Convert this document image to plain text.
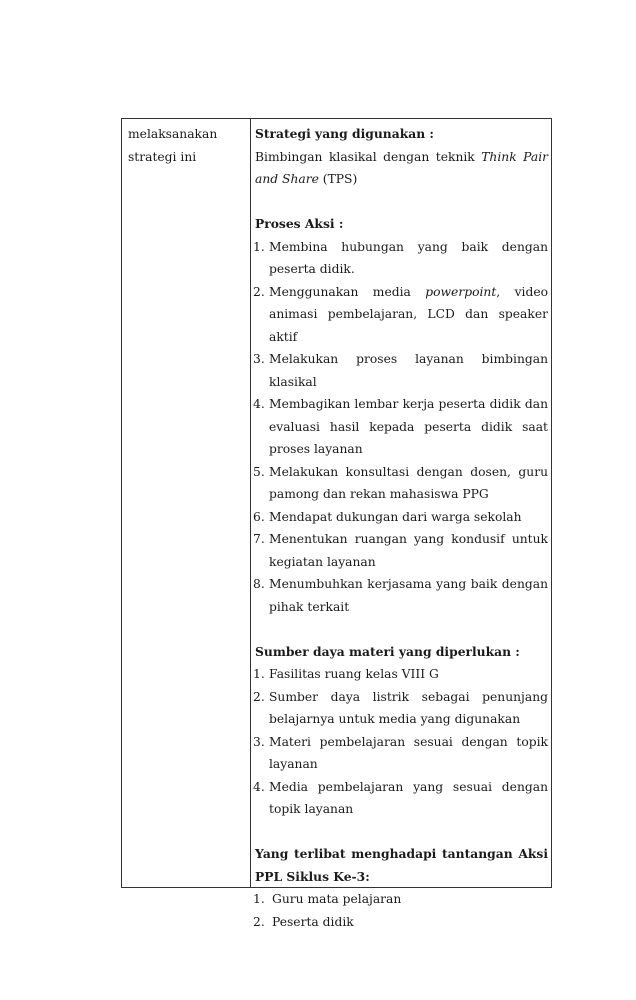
melaksanakan
strategi ini

Strategi yang digunakan :

Bimbingan klasikal dengan teknik Think Pair and Share (TPS)

Proses Aksi :

1. Membina hubungan yang baik dengan peserta didik.
2. Menggunakan media powerpoint, video animasi pembelajaran, LCD dan speaker aktif
3. Melakukan proses layanan bimbingan klasikal
4. Membagikan lembar kerja peserta didik dan evaluasi hasil kepada peserta didik saat proses layanan
5. Melakukan konsultasi dengan dosen, guru pamong dan rekan mahasiswa PPG
6. Mendapat dukungan dari warga sekolah
7. Menentukan ruangan yang kondusif untuk kegiatan layanan
8. Menumbuhkan kerjasama yang baik dengan pihak terkait

Sumber daya materi yang diperlukan :

1. Fasilitas ruang kelas VIII G
2. Sumber daya listrik sebagai penunjang belajarnya untuk media yang digunakan
3. Materi pembelajaran sesuai dengan topik layanan
4. Media pembelajaran yang sesuai dengan topik layanan

Yang terlibat menghadapi tantangan Aksi PPL Siklus Ke-3:

1. Guru mata pelajaran
2. Peserta didik
